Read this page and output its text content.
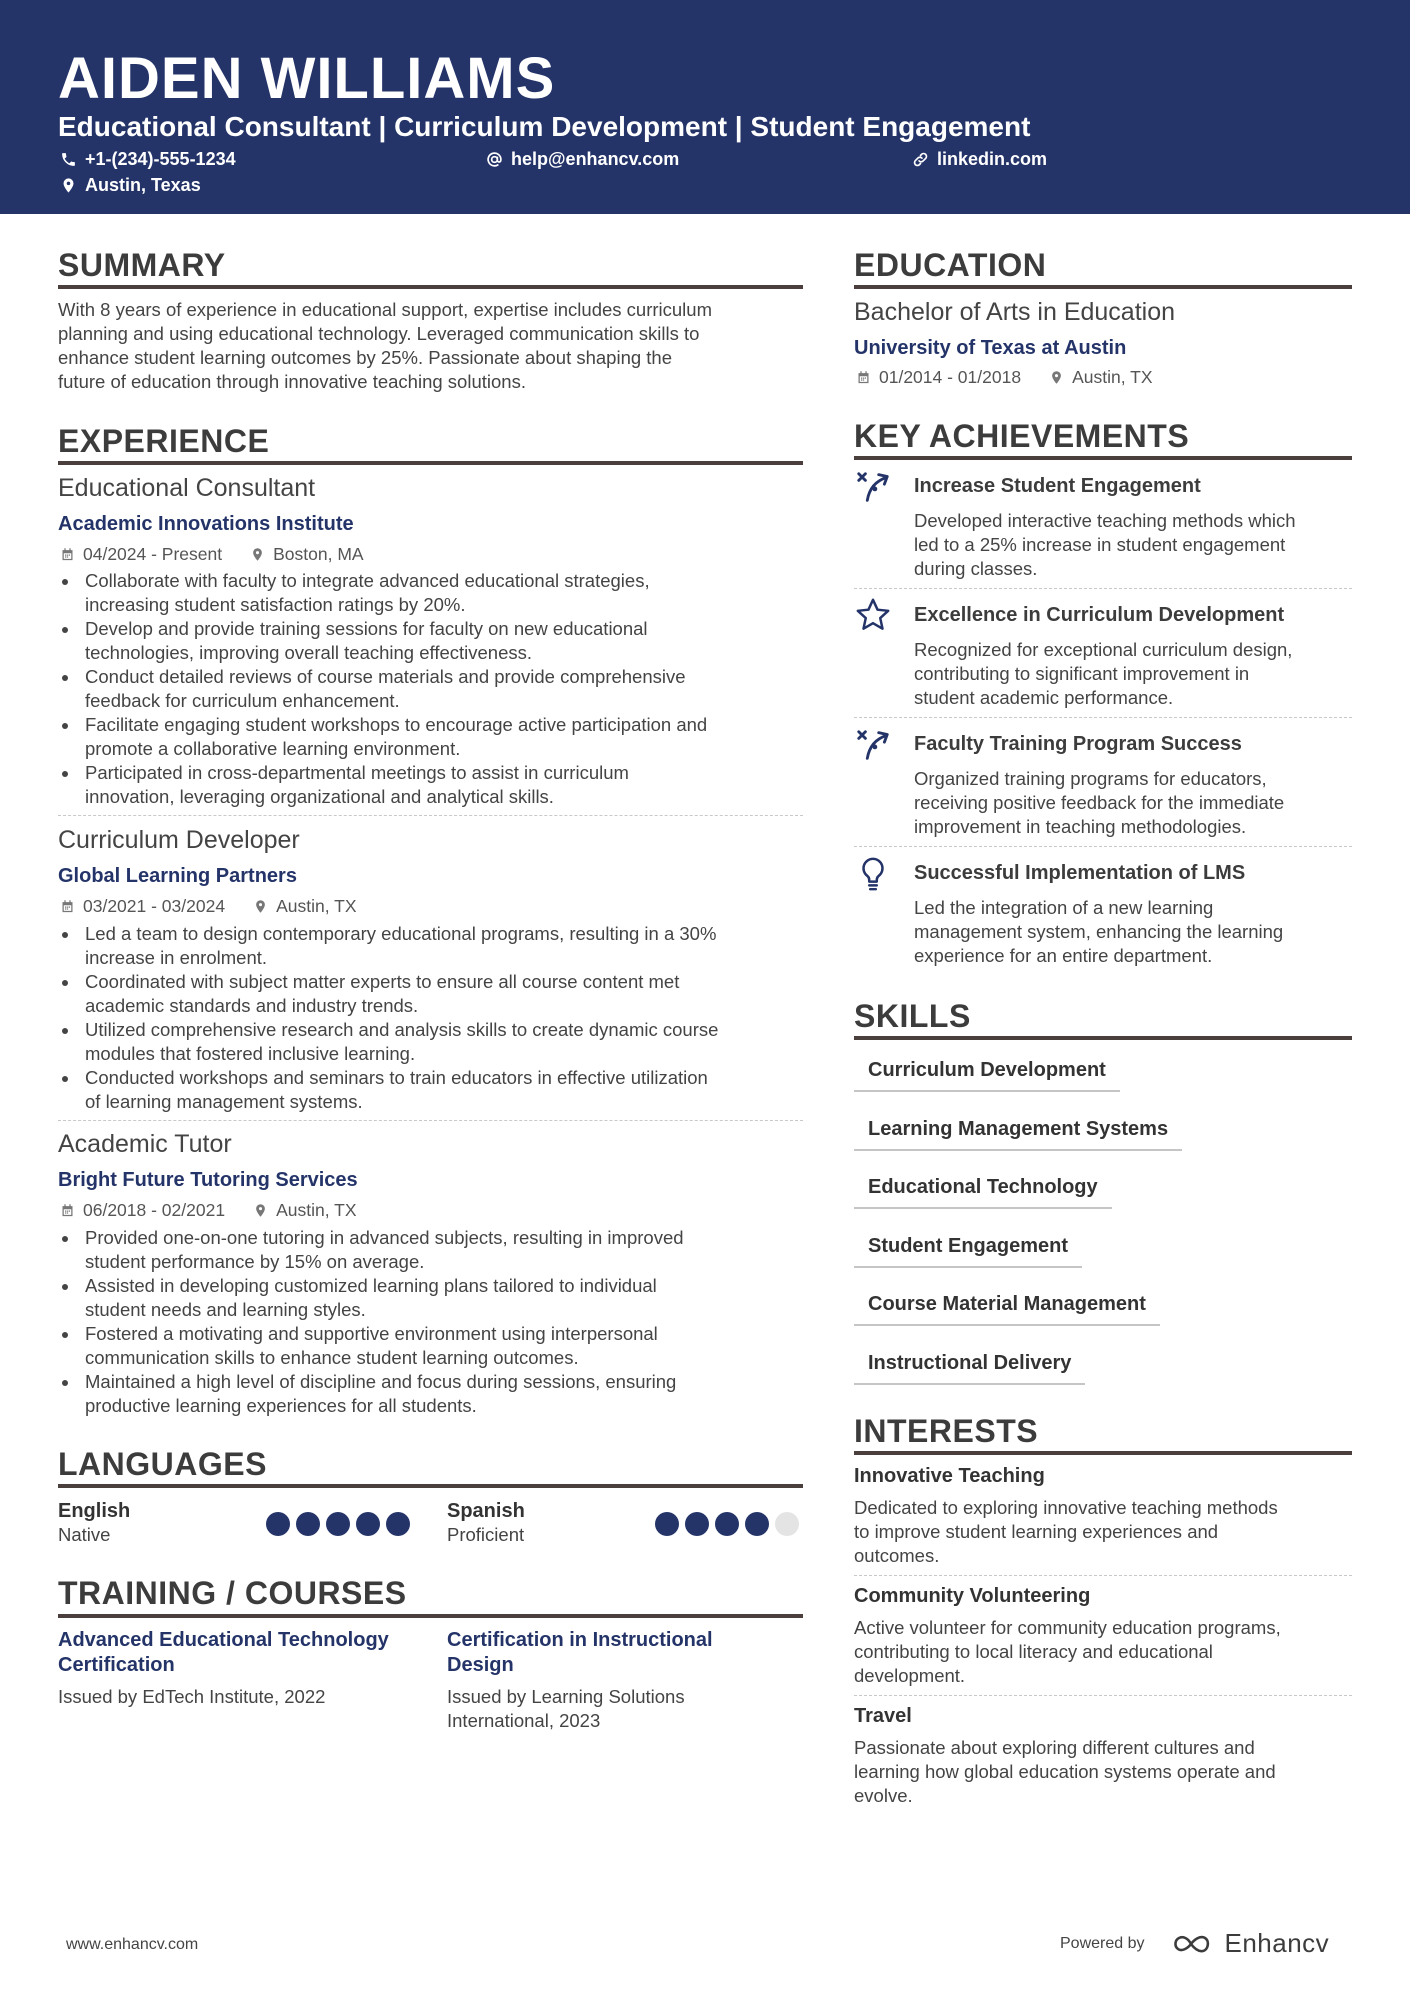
AIDEN WILLIAMS
Educational Consultant | Curriculum Development | Student Engagement
+1-(234)-555-1234	help@enhancv.com	linkedin.com
Austin, Texas
SUMMARY
With 8 years of experience in educational support, expertise includes curriculum
planning and using educational technology. Leveraged communication skills to
enhance student learning outcomes by 25%. Passionate about shaping the
future of education through innovative teaching solutions.
EXPERIENCE
Educational Consultant
Academic Innovations Institute
04/2024 - Present	Boston, MA
Collaborate with faculty to integrate advanced educational strategies,
increasing student satisfaction ratings by 20%.
Develop and provide training sessions for faculty on new educational
technologies, improving overall teaching effectiveness.
Conduct detailed reviews of course materials and provide comprehensive
feedback for curriculum enhancement.
Facilitate engaging student workshops to encourage active participation and
promote a collaborative learning environment.
Participated in cross-departmental meetings to assist in curriculum
innovation, leveraging organizational and analytical skills.
Curriculum Developer
Global Learning Partners
03/2021 - 03/2024	Austin, TX
Led a team to design contemporary educational programs, resulting in a 30%
increase in enrolment.
Coordinated with subject matter experts to ensure all course content met
academic standards and industry trends.
Utilized comprehensive research and analysis skills to create dynamic course
modules that fostered inclusive learning.
Conducted workshops and seminars to train educators in effective utilization
of learning management systems.
Academic Tutor
Bright Future Tutoring Services
06/2018 - 02/2021	Austin, TX
Provided one-on-one tutoring in advanced subjects, resulting in improved
student performance by 15% on average.
Assisted in developing customized learning plans tailored to individual
student needs and learning styles.
Fostered a motivating and supportive environment using interpersonal
communication skills to enhance student learning outcomes.
Maintained a high level of discipline and focus during sessions, ensuring
productive learning experiences for all students.
LANGUAGES
English
Native
Spanish
Proficient
TRAINING / COURSES
Advanced Educational Technology
Certification
Issued by EdTech Institute, 2022
Certification in Instructional
Design
Issued by Learning Solutions
International, 2023
EDUCATION
Bachelor of Arts in Education
University of Texas at Austin
01/2014 - 01/2018	Austin, TX
KEY ACHIEVEMENTS
Increase Student Engagement
Developed interactive teaching methods which
led to a 25% increase in student engagement
during classes.
Excellence in Curriculum Development
Recognized for exceptional curriculum design,
contributing to significant improvement in
student academic performance.
Faculty Training Program Success
Organized training programs for educators,
receiving positive feedback for the immediate
improvement in teaching methodologies.
Successful Implementation of LMS
Led the integration of a new learning
management system, enhancing the learning
experience for an entire department.
SKILLS
Curriculum Development
Learning Management Systems
Educational Technology
Student Engagement
Course Material Management
Instructional Delivery
INTERESTS
Innovative Teaching
Dedicated to exploring innovative teaching methods
to improve student learning experiences and
outcomes.
Community Volunteering
Active volunteer for community education programs,
contributing to local literacy and educational
development.
Travel
Passionate about exploring different cultures and
learning how global education systems operate and
evolve.
www.enhancv.com	Powered by	Enhancv
